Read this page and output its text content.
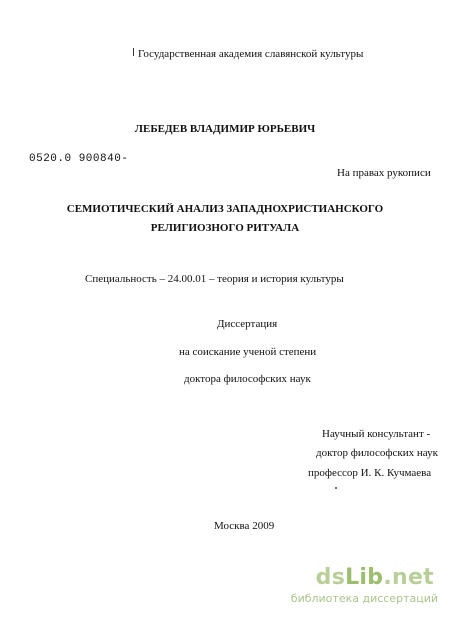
Государственная академия славянской культуры
ЛЕБЕДЕВ ВЛАДИМИР ЮРЬЕВИЧ
0520.0 900840-
На правах рукописи
СЕМИОТИЧЕСКИЙ АНАЛИЗ ЗАПАДНОХРИСТИАНСКОГО
РЕЛИГИОЗНОГО РИТУАЛА
Специальность – 24.00.01 – теория и история культуры
Диссертация
на соискание ученой степени
доктора философских наук
Научный консультант -
доктор философских наук
профессор И. К. Кучмаева
Москва 2009
dsLib.net
библиотека диссертаций
